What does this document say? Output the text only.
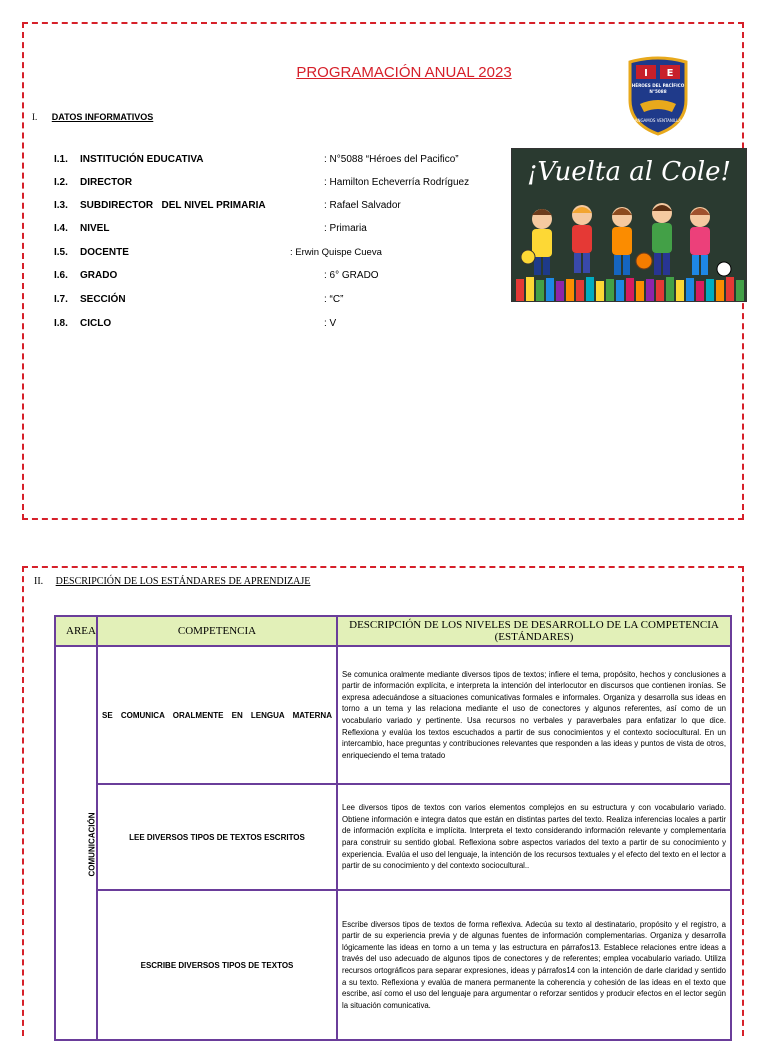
PROGRAMACIÓN ANUAL 2023
I. DATOS INFORMATIVOS
I.1. INSTITUCIÓN EDUCATIVA	: N°5088 “Héroes del Pacifico”
I.2. DIRECTOR	: Hamilton Echeverría Rodríguez
I.3. SUBDIRECTOR   DEL NIVEL PRIMARIA	: Rafael Salvador
I.4. NIVEL	: Primaria
I.5. DOCENTE	: Erwin Quispe Cueva
I.6. GRADO	: 6° GRADO
I.7. SECCIÓN	: “C”
I.8. CICLO	: V
I E
HÉROES DEL PACÍFICO
N°5088
ANGAMOS VENTANILLA
¡Vuelta al Cole!
II. DESCRIPCIÓN DE LOS ESTÁNDARES DE APRENDIZAJE
AREA	COMPETENCIA	DESCRIPCIÓN DE LOS NIVELES DE DESARROLLO DE LA COMPETENCIA (ESTÁNDARES)
COMUNICACIÓN	SE COMUNICA ORALMENTE EN LENGUA MATERNA	Se comunica oralmente mediante diversos tipos de textos; infiere el tema, propósito, hechos y conclusiones a partir de información explícita, e interpreta la intención del interlocutor en discursos que contienen ironías. Se expresa adecuándose a situaciones comunicativas formales e informales. Organiza y desarrolla sus ideas en torno a un tema y las relaciona mediante el uso de conectores y algunos referentes, así como de un vocabulario variado y pertinente. Usa recursos no verbales y paraverbales para enfatizar lo que dice. Reflexiona y evalúa los textos escuchados a partir de sus conocimientos y el contexto sociocultural. En un intercambio, hace preguntas y contribuciones relevantes que responden a las ideas y puntos de vista de otros, enriqueciendo el tema tratado
	LEE DIVERSOS TIPOS DE TEXTOS ESCRITOS	Lee diversos tipos de textos con varios elementos complejos en su estructura y con vocabulario variado. Obtiene información e integra datos que están en distintas partes del texto. Realiza inferencias locales a partir de información explícita e implícita. Interpreta el texto considerando información relevante y complementaria para construir su sentido global. Reflexiona sobre aspectos variados del texto a partir de su conocimiento y experiencia. Evalúa el uso del lenguaje, la intención de los recursos textuales y el efecto del texto en el lector a partir de su conocimiento y del contexto sociocultural..
	ESCRIBE DIVERSOS TIPOS DE TEXTOS	Escribe diversos tipos de textos de forma reflexiva. Adecúa su texto al destinatario, propósito y el registro, a partir de su experiencia previa y de algunas fuentes de información complementarias. Organiza y desarrolla lógicamente las ideas en torno a un tema y las estructura en párrafos13. Establece relaciones entre ideas a través del uso adecuado de algunos tipos de conectores y de referentes; emplea vocabulario variado. Utiliza recursos ortográficos para separar expresiones, ideas y párrafos14 con la intención de darle claridad y sentido a su texto. Reflexiona y evalúa de manera permanente la coherencia y cohesión de las ideas en el texto que escribe, así como el uso del lenguaje para argumentar o reforzar sentidos y producir efectos en el lector según la situación comunicativa.
